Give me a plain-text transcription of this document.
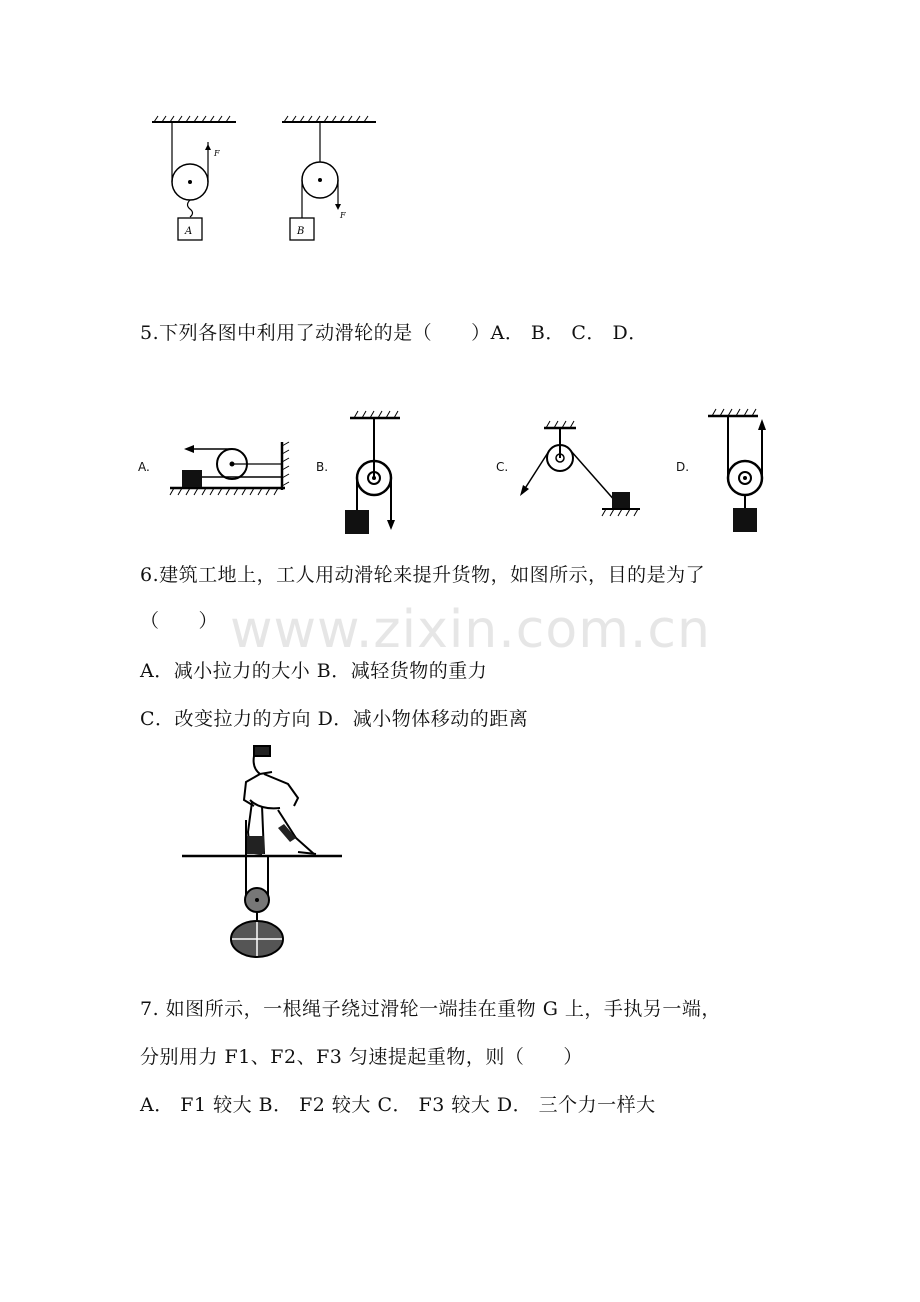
www.zixin.com.cn
A
F
B
F
5.下列各图中利用了动滑轮的是（　　）A． B． C． D．
A.	B.	C.	D.
6.建筑工地上，工人用动滑轮来提升货物，如图所示，目的是为了
（　　）
A．减小拉力的大小 B．减轻货物的重力
C．改变拉力的方向 D．减小物体移动的距离
7. 如图所示，一根绳子绕过滑轮一端挂在重物 G 上，手执另一端，
分别用力 F1、F2、F3 匀速提起重物，则（　　）
A． F1 较大 B． F2 较大 C． F3 较大 D． 三个力一样大
